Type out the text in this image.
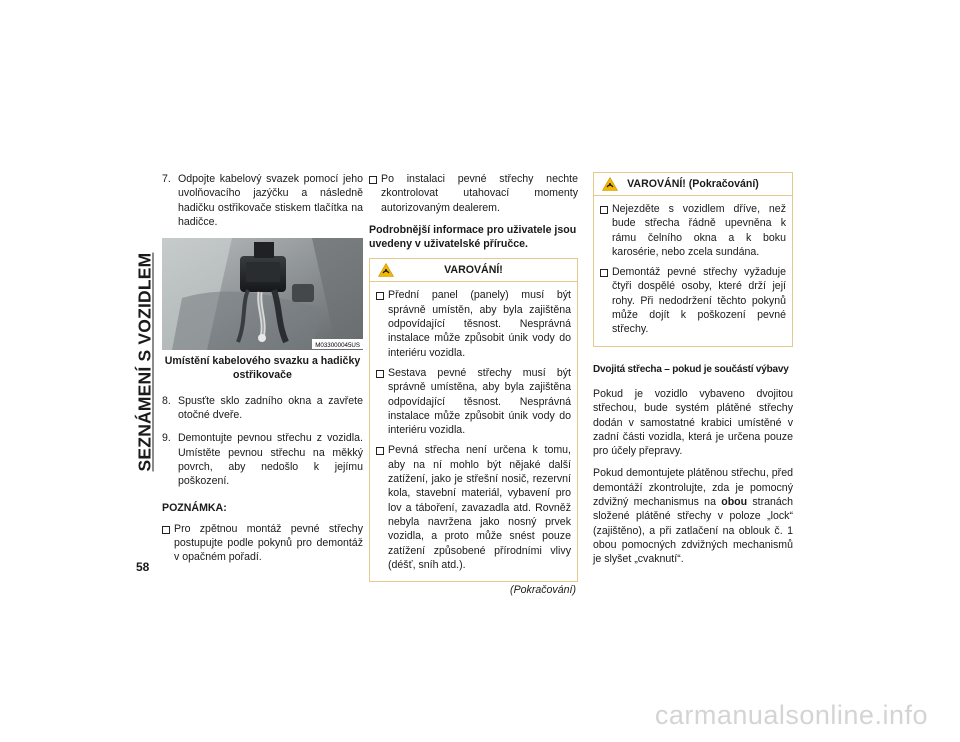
SEZNÁMENÍ S VOZIDLEM
7. Odpojte kabelový svazek pomocí jeho uvolňovacího jazýčku a následně hadičku ostřikovače stiskem tlačítka na hadičce.
M033000045US
Umístění kabelového svazku a hadičky ostřikovače
8. Spusťte sklo zadního okna a zavřete otočné dveře.
9. Demontujte pevnou střechu z vozidla. Umístěte pevnou střechu na měkký povrch, aby nedošlo k jejímu poškození.
POZNÁMKA:
Pro zpětnou montáž pevné střechy postupujte podle pokynů pro demontáž v opačném pořadí.
Po instalaci pevné střechy nechte zkontrolovat utahovací momenty autorizovaným dealerem.
Podrobnější informace pro uživatele jsou uvedeny v uživatelské příručce.
VAROVÁNÍ!
Přední panel (panely) musí být správně umístěn, aby byla zajištěna odpovídající těsnost. Nesprávná instalace může způsobit únik vody do interiéru vozidla.
Sestava pevné střechy musí být správně umístěna, aby byla zajištěna odpovídající těsnost. Nesprávná instalace může způsobit únik vody do interiéru vozidla.
Pevná střecha není určena k tomu, aby na ní mohlo být nějaké další zatížení, jako je střešní nosič, rezervní kola, stavební materiál, vybavení pro lov a táboření, zavazadla atd. Rovněž nebyla navržena jako nosný prvek vozidla, a proto může snést pouze zatížení způsobené přírodními vlivy (déšť, sníh atd.).
(Pokračování)
VAROVÁNÍ! (Pokračování)
Nejezděte s vozidlem dříve, než bude střecha řádně upevněna k rámu čelního okna a k boku karosérie, nebo zcela sundána.
Demontáž pevné střechy vyžaduje čtyři dospělé osoby, které drží její rohy. Při nedodržení těchto pokynů může dojít k poškození pevné střechy.
Dvojitá střecha – pokud je součástí výbavy

Pokud je vozidlo vybaveno dvojitou střechou, bude systém plátěné střechy dodán v samostatné krabici umístěné v zadní části vozidla, která je určena pouze pro účely přepravy.

Pokud demontujete plátěnou střechu, před demontáží zkontrolujte, zda je pomocný zdvižný mechanismus na obou stranách složené plátěné střechy v poloze „lock“ (zajištěno), a při zatlačení na oblouk č. 1 obou pomocných zdvižných mechanismů je slyšet „cvaknutí“.

58
carmanualsonline.info
